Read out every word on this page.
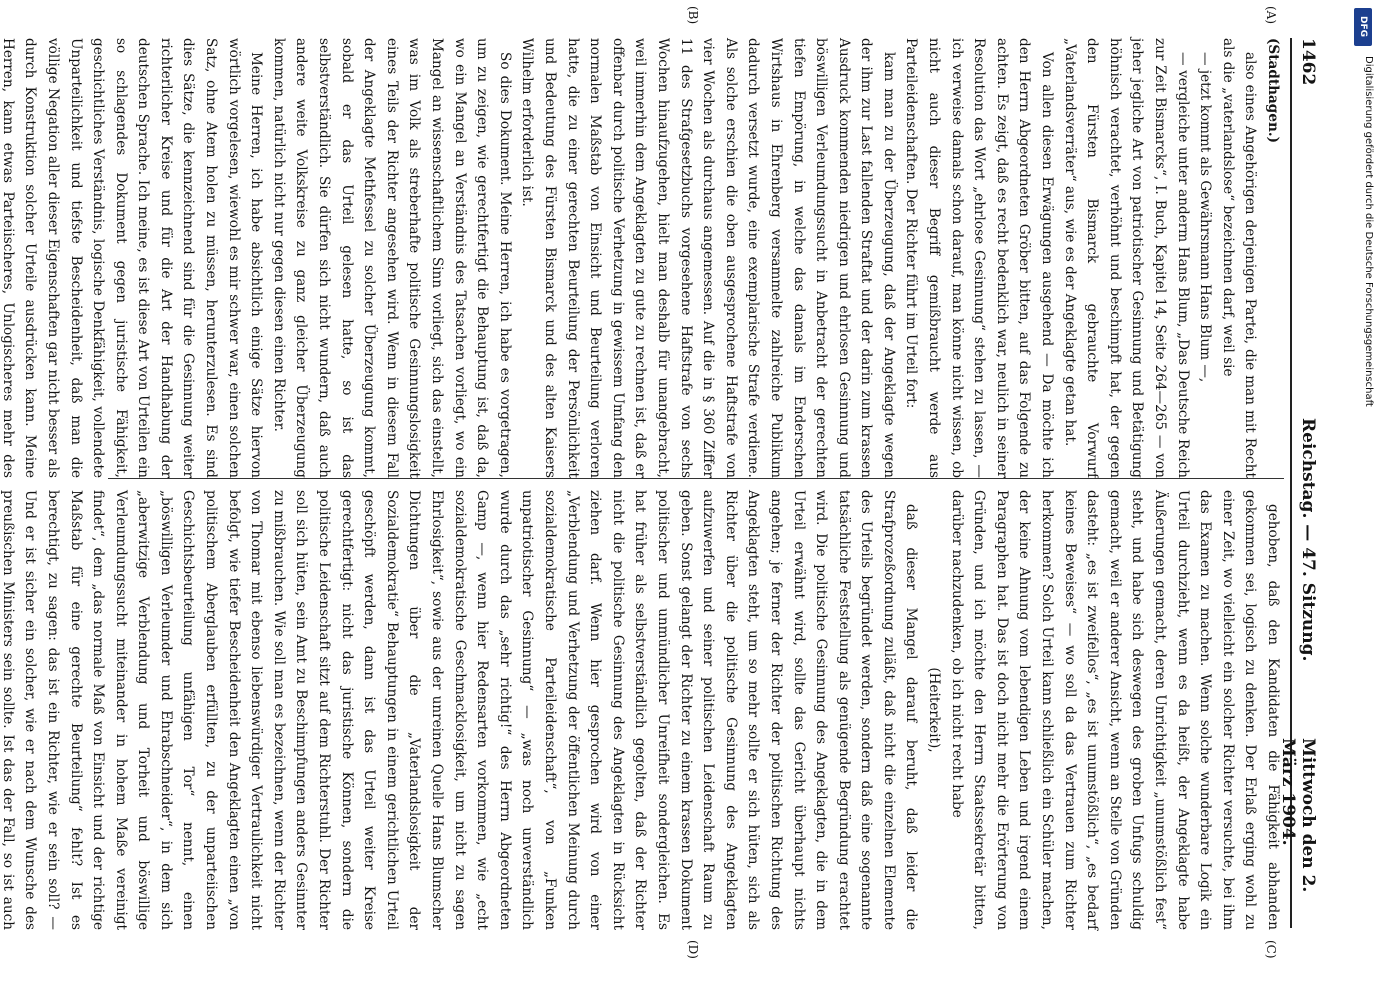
1462
Reichstag. — 47. Sitzung.
Mittwoch den 2. März 1904.
(A)
(B)
(C)
(D)

(Stadthagen.)

also eines Angehörigen derjenigen Partei, die man mit Recht als die „vaterlandslose“ bezeichnen darf, weil sie

— jetzt kommt als Gewährsmann Hans Blum —,

— vergleiche unter anderm Hans Blum, „Das Deutsche Reich zur Zeit Bismarcks“, I. Buch, Kapitel 14, Seite 264—265 — von jeher jegliche Art von patriotischer Gesinnung und Betätigung höhnisch verachtet, verhöhnt und beschimpft hat, der gegen den Fürsten Bismarck gebrauchte Vorwurf „Vaterlandsverräter“ aus, wie es der Angeklagte getan hat.

Von allen diesen Erwägungen ausgehend — Da möchte ich den Herrn Abgeordneten Gröber bitten, auf das Folgende zu achten. Es zeigt, daß es recht bedenklich war, neulich in seiner Resolution das Wort „ehrlose Gesinnung“ stehen zu lassen, — ich verweise damals schon darauf, man könne nicht wissen, ob nicht auch dieser Begriff gemißbraucht werde aus Parteileidenschaften. Der Richter führt im Urteil fort:

kam man zu der Überzeugung, daß der Angeklagte wegen der ihm zur Last fallenden Straftat und der darin zum krassen Ausdruck kommenden niedrigen und ehrlosen Gesinnung und böswilligen Verleumdungssucht in Anbetracht der gerechten tiefen Empörung, in welche das damals im Enderschen Wirtshaus in Ehrenberg versammelte zahlreiche Publikum dadurch versetzt wurde, eine exemplarische Strafe verdiene. Als solche erschien die oben ausgesprochene Haftstrafe von vier Wochen als durchaus angemessen. Auf die in § 360 Ziffer 11 des Strafgesetzbuchs vorgesehene Haftstrafe von sechs Wochen hinaufzugehen, hielt man deshalb für unangebracht, weil immerhin dem Angeklagten zu gute zu rechnen ist, daß er offenbar durch politische Verhetzung in gewissem Umfang den normalen Maßstab von Einsicht und Beurteilung verloren hatte, die zu einer gerechten Beurteilung der Persönlichkeit und Bedeutung des Fürsten Bismarck und des alten Kaisers Wilhelm erforderlich ist.

So dies Dokument. Meine Herren, ich habe es vorgetragen, um zu zeigen, wie gerechtfertigt die Behauptung ist, daß da, wo ein Mangel an Verständnis des Tatsachen vorliegt, wo ein Mangel an wissenschaftlichem Sinn vorliegt, sich das einstellt, was im Volk als streberhafte politische Gesinnungslosigkeit eines Teils der Richter angesehen wird. Wenn in diesem Fall der Angeklagte Methfessel zu solcher Überzeugung kommt, sobald er das Urteil gelesen hatte, so ist das selbstverständlich. Sie dürfen sich nicht wundern, daß auch andere weite Volkskreise zu ganz gleicher Überzeugung kommen, natürlich nicht nur gegen diesen einen Richter.

Meine Herren, ich habe absichtlich einige Sätze hiervon wörtlich vorgelesen, wiewohl es mir schwer war, einen solchen Satz, ohne Atem holen zu müssen, herunterzulesen. Es sind dies Sätze, die kennzeichnend sind für die Gesinnung weiter richterlicher Kreise und für die Art der Handhabung der deutschen Sprache. Ich meine, es ist diese Art von Urteilen ein so schlagendes Dokument gegen juristische Fähigkeit, geschichtliches Verständnis, logische Denkfähigkeit, vollendete Unparteilichkeit und tiefste Bescheidenheit, daß man die völlige Negation aller dieser Eigenschaften gar nicht besser als durch Konstruktion solcher Urteile ausdrücken kann. Meine Herren, kann etwas Parteiischeres, Unlogischeres mehr des

gehoben, daß den Kandidaten die Fähigkeit abhanden gekommen sei, logisch zu denken. Der Erlaß erging wohl zu einer Zeit, wo vielleicht ein solcher Richter versuchte, bei ihm das Examen zu machen. Wenn solche wunderbare Logik ein Urteil durchzieht, wenn es da heißt, der Angeklagte habe Äußerungen gemacht, deren Unrichtigkeit „unumstößlich fest“ steht, und habe sich deswegen des groben Unfugs schuldig gemacht, weil er anderer Ansicht, wenn an Stelle von Gründen dasteht: „es ist zweifellos“, „es ist unumstößlich“, „es bedarf keines Beweises“ — wo soll da das Vertrauen zum Richter herkommen? Solch Urteil kann schließlich ein Schüler machen, der keine Ahnung vom lebendigen Leben und irgend einem Paragraphen hat. Das ist doch nicht mehr die Erörterung von Gründen, und ich möchte den Herrn Staatssekretär bitten, darüber nachzudenken, ob ich nicht recht habe

(Heiterkeit),

daß dieser Mangel darauf beruht, daß leider die Strafprozeßordnung zuläßt, daß nicht die einzelnen Elemente des Urteils begründet werden, sondern daß eine sogenannte tatsächliche Feststellung als genügende Begründung erachtet wird. Die politische Gesinnung des Angeklagten, die in dem Urteil erwähnt wird, sollte das Gericht überhaupt nichts angehen; je ferner der Richter der politischen Richtung des Angeklagten steht, um so mehr sollte er sich hüten, sich als Richter über die politische Gesinnung des Angeklagten aufzuwerfen und seiner politischen Leidenschaft Raum zu geben. Sonst gelangt der Richter zu einem krassen Dokument politischer und unmündlicher Unreifheit sondergleichen. Es hat früher als selbstverständlich gegolten, daß der Richter nicht die politische Gesinnung des Angeklagten in Rücksicht ziehen darf. Wenn hier gesprochen wird von einer „Verblendung und Verhetzung der öffentlichen Meinung durch sozialdemokratische Parteileidenschaft“, von „Funken unpatriotischer Gesinnung“ — „was noch unverständlich wurde durch das „sehr richtig!“ des Herrn Abgeordneten Gamp —, wenn hier Redensarten vorkommen, wie „echt sozialdemokratische Geschmacklosigkeit, um nicht zu sagen Ehrlosigkeit“, sowie aus der unreinen Quelle Hans Blumscher Dichtungen über die „Vaterlandslosigkeit der Sozialdemokratie“ Behauptungen in einem gerichtlichen Urteil geschöpft werden, dann ist das Urteil weiter Kreise gerechtfertigt: nicht das juristische Können, sondern die politische Leidenschaft sitzt auf dem Richterstuhl. Der Richter soll sich hüten, sein Amt zu Beschimpfungen anders Gesinnter zu mißbrauchen. Wie soll man es bezeichnen, wenn der Richter von Thomar mit ebenso liebenswürdiger Vertraulichkeit nicht befolgt, wie tiefer Bescheidenheit den Angeklagten einen „von politischem Aberglauben erfüllten, zu der unparteiischen Geschichtsbeurteilung unfähigen Tor“ nennt, einen „böswilligen Verleumder und Ehrabschneider“, in dem sich „aberwitzige Verblendung und Torheit und böswillige Verleumdungssucht miteinander in hohem Maße vereinigt findet“, dem „das normale Maß von Einsicht und der richtige Maßstab für eine gerechte Beurteilung“ fehlt? Ist es berechtigt, zu sagen: das ist ein Richter, wie er sein soll? — Und er ist sicher ein solcher, wie er nach dem Wunsche des preußischen Ministers sein sollte. Ist das der Fall, so ist auch

DFG
Digitalisierung gefördert durch die Deutsche Forschungsgemeinschaft
